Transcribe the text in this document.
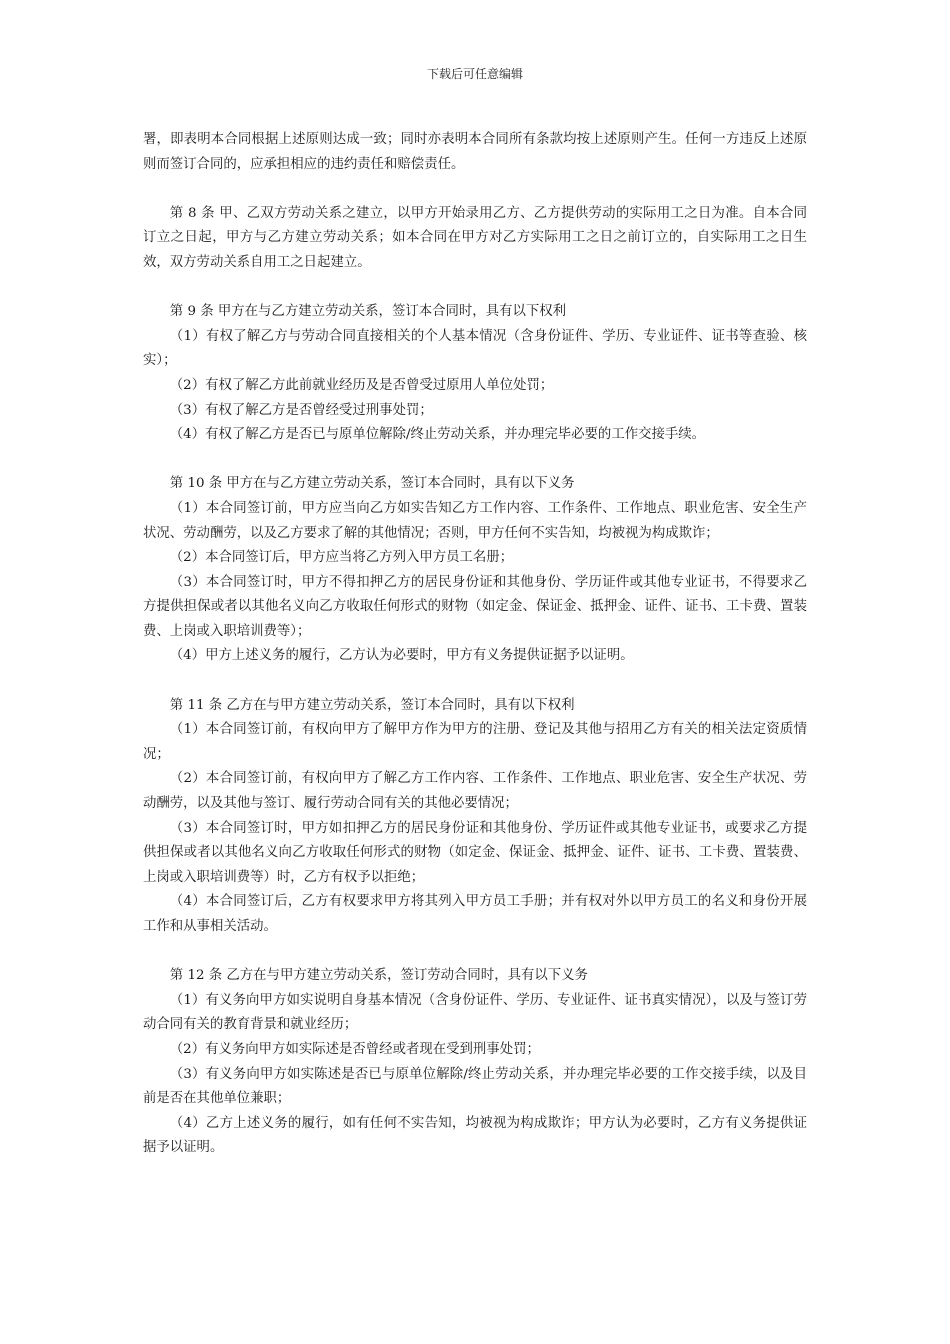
下载后可任意编辑

署，即表明本合同根据上述原则达成一致；同时亦表明本合同所有条款均按上述原则产生。任何一方违反上述原则而签订合同的，应承担相应的违约责任和赔偿责任。

第 8 条 甲、乙双方劳动关系之建立，以甲方开始录用乙方、乙方提供劳动的实际用工之日为准。自本合同订立之日起，甲方与乙方建立劳动关系；如本合同在甲方对乙方实际用工之日之前订立的，自实际用工之日生效，双方劳动关系自用工之日起建立。

第 9 条 甲方在与乙方建立劳动关系，签订本合同时，具有以下权利

（1）有权了解乙方与劳动合同直接相关的个人基本情况（含身份证件、学历、专业证件、证书等查验、核实）；

（2）有权了解乙方此前就业经历及是否曾受过原用人单位处罚；

（3）有权了解乙方是否曾经受过刑事处罚；

（4）有权了解乙方是否已与原单位解除/终止劳动关系，并办理完毕必要的工作交接手续。

第 10 条 甲方在与乙方建立劳动关系，签订本合同时，具有以下义务

（1）本合同签订前，甲方应当向乙方如实告知乙方工作内容、工作条件、工作地点、职业危害、安全生产状况、劳动酬劳，以及乙方要求了解的其他情况；否则，甲方任何不实告知，均被视为构成欺诈；

（2）本合同签订后，甲方应当将乙方列入甲方员工名册；

（3）本合同签订时，甲方不得扣押乙方的居民身份证和其他身份、学历证件或其他专业证书，不得要求乙方提供担保或者以其他名义向乙方收取任何形式的财物（如定金、保证金、抵押金、证件、证书、工卡费、置装费、上岗或入职培训费等）；

（4）甲方上述义务的履行，乙方认为必要时，甲方有义务提供证据予以证明。

第 11 条 乙方在与甲方建立劳动关系，签订本合同时，具有以下权利

（1）本合同签订前，有权向甲方了解甲方作为甲方的注册、登记及其他与招用乙方有关的相关法定资质情况；

（2）本合同签订前，有权向甲方了解乙方工作内容、工作条件、工作地点、职业危害、安全生产状况、劳动酬劳，以及其他与签订、履行劳动合同有关的其他必要情况；

（3）本合同签订时，甲方如扣押乙方的居民身份证和其他身份、学历证件或其他专业证书，或要求乙方提供担保或者以其他名义向乙方收取任何形式的财物（如定金、保证金、抵押金、证件、证书、工卡费、置装费、上岗或入职培训费等）时，乙方有权予以拒绝；

（4）本合同签订后，乙方有权要求甲方将其列入甲方员工手册；并有权对外以甲方员工的名义和身份开展工作和从事相关活动。

第 12 条 乙方在与甲方建立劳动关系，签订劳动合同时，具有以下义务

（1）有义务向甲方如实说明自身基本情况（含身份证件、学历、专业证件、证书真实情况），以及与签订劳动合同有关的教育背景和就业经历；

（2）有义务向甲方如实际述是否曾经或者现在受到刑事处罚；

（3）有义务向甲方如实陈述是否已与原单位解除/终止劳动关系，并办理完毕必要的工作交接手续，以及目前是否在其他单位兼职；

（4）乙方上述义务的履行，如有任何不实告知，均被视为构成欺诈；甲方认为必要时，乙方有义务提供证据予以证明。
